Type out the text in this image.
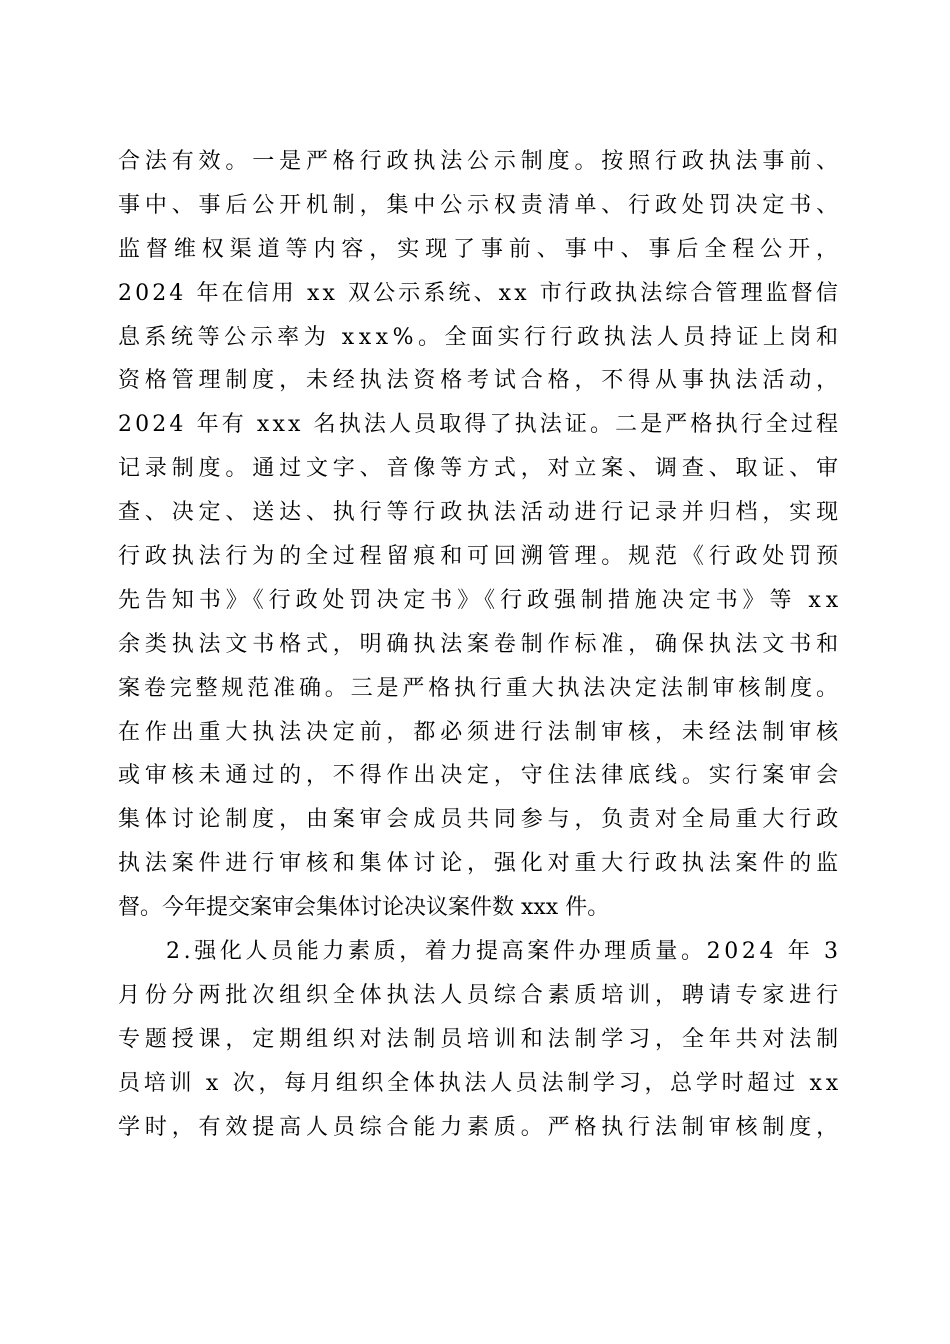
合法有效。一是严格行政执法公示制度。按照行政执法事前、
事中、事后公开机制，集中公示权责清单、行政处罚决定书、
监督维权渠道等内容，实现了事前、事中、事后全程公开，
2024 年在信用 xx 双公示系统、xx 市行政执法综合管理监督信
息系统等公示率为 xxx%。全面实行行政执法人员持证上岗和
资格管理制度，未经执法资格考试合格，不得从事执法活动，
2024 年有 xxx 名执法人员取得了执法证。二是严格执行全过程
记录制度。通过文字、音像等方式，对立案、调查、取证、审
查、决定、送达、执行等行政执法活动进行记录并归档，实现
行政执法行为的全过程留痕和可回溯管理。规范《行政处罚预
先告知书》《行政处罚决定书》《行政强制措施决定书》等 xx
余类执法文书格式，明确执法案卷制作标准，确保执法文书和
案卷完整规范准确。三是严格执行重大执法决定法制审核制度。
在作出重大执法决定前，都必须进行法制审核，未经法制审核
或审核未通过的，不得作出决定，守住法律底线。实行案审会
集体讨论制度，由案审会成员共同参与，负责对全局重大行政
执法案件进行审核和集体讨论，强化对重大行政执法案件的监
督。今年提交案审会集体讨论决议案件数 xxx 件。
2.强化人员能力素质，着力提高案件办理质量。2024 年 3
月份分两批次组织全体执法人员综合素质培训，聘请专家进行
专题授课，定期组织对法制员培训和法制学习，全年共对法制
员培训 x 次，每月组织全体执法人员法制学习，总学时超过 xx
学时，有效提高人员综合能力素质。严格执行法制审核制度，
